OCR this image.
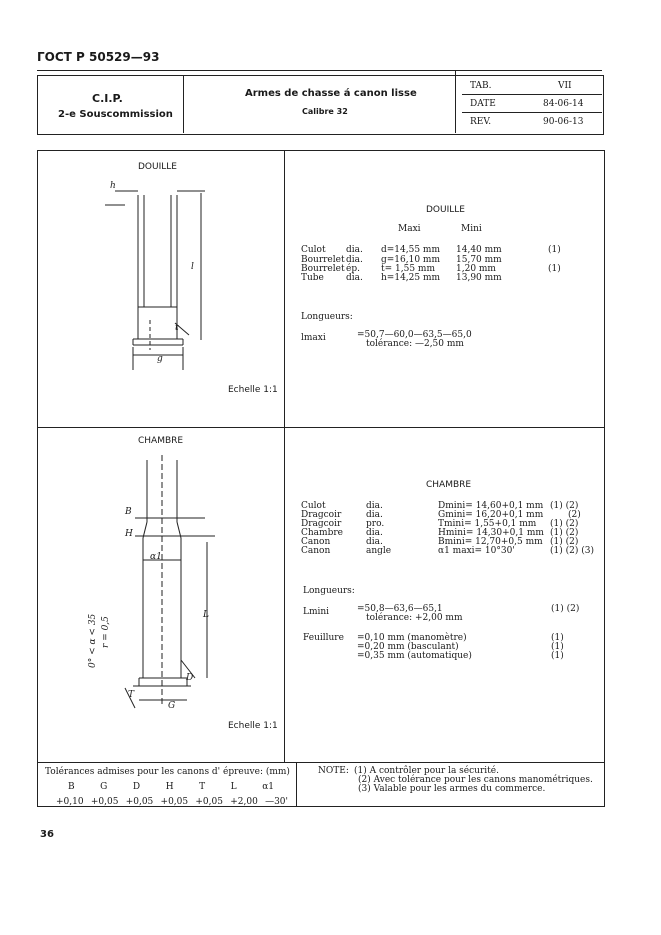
ГОСТ Р 50529—93
C.I.P.
2-e Souscommission
Armes de chasse á canon lisse
Calibre 32
TAB.	VII
DATE	84-06-14
REV.	90-06-13
DOUILLE
h
l
t
g
Echelle 1:1
DOUILLE
Maxi	Mini
Culot dia. d=14,55 mm 14,40 mm	(1)
Bourrelet dia. g=16,10 mm 15,70 mm
Bourrelet ép. t= 1,55 mm 1,20 mm	(1)
Tube dia. h=14,25 mm 13,90 mm
Longueurs:
lmaxi	=50,7—60,0—63,5—65,0
tolérance: —2,50 mm
CHAMBRE
B
H
α1
L
D
G
T
0° < α < 35 r = 0,5
Echelle 1:1
CHAMBRE
Culot	dia.	Dmini= 14,60+0,1 mm (1) (2)
Dragcoir	dia.	Gmini= 16,20+0,1 mm	(2)
Dragcoir	pro.	Tmini= 1,55+0,1 mm (1) (2)
Chambre	dia.	Hmini= 14,30+0,1 mm (1) (2)
Canon	dia.	Bmini= 12,70+0,5 mm (1) (2)
Canon	angle	α1 maxi= 10°30'	(1) (2) (3)
Longueurs:
Lmini	=50,8—63,6—65,1	(1) (2)
tolérance: +2,00 mm
Feuillure =0,10 mm (manomètre)	(1)
=0,20 mm (basculant)	(1)
=0,35 mm (automatique)	(1)
Tolérances admises pour les canons d' épreuve: (mm)
B	G	D	H	T	L	α1
+0,10 +0,05 +0,05 +0,05 +0,05 +2,00 —30'
NOTE: (1) A contrôler pour la sécurité.
(2) Avec tolérance pour les canons manométriques.
(3) Valable pour les armes du commerce.
36
